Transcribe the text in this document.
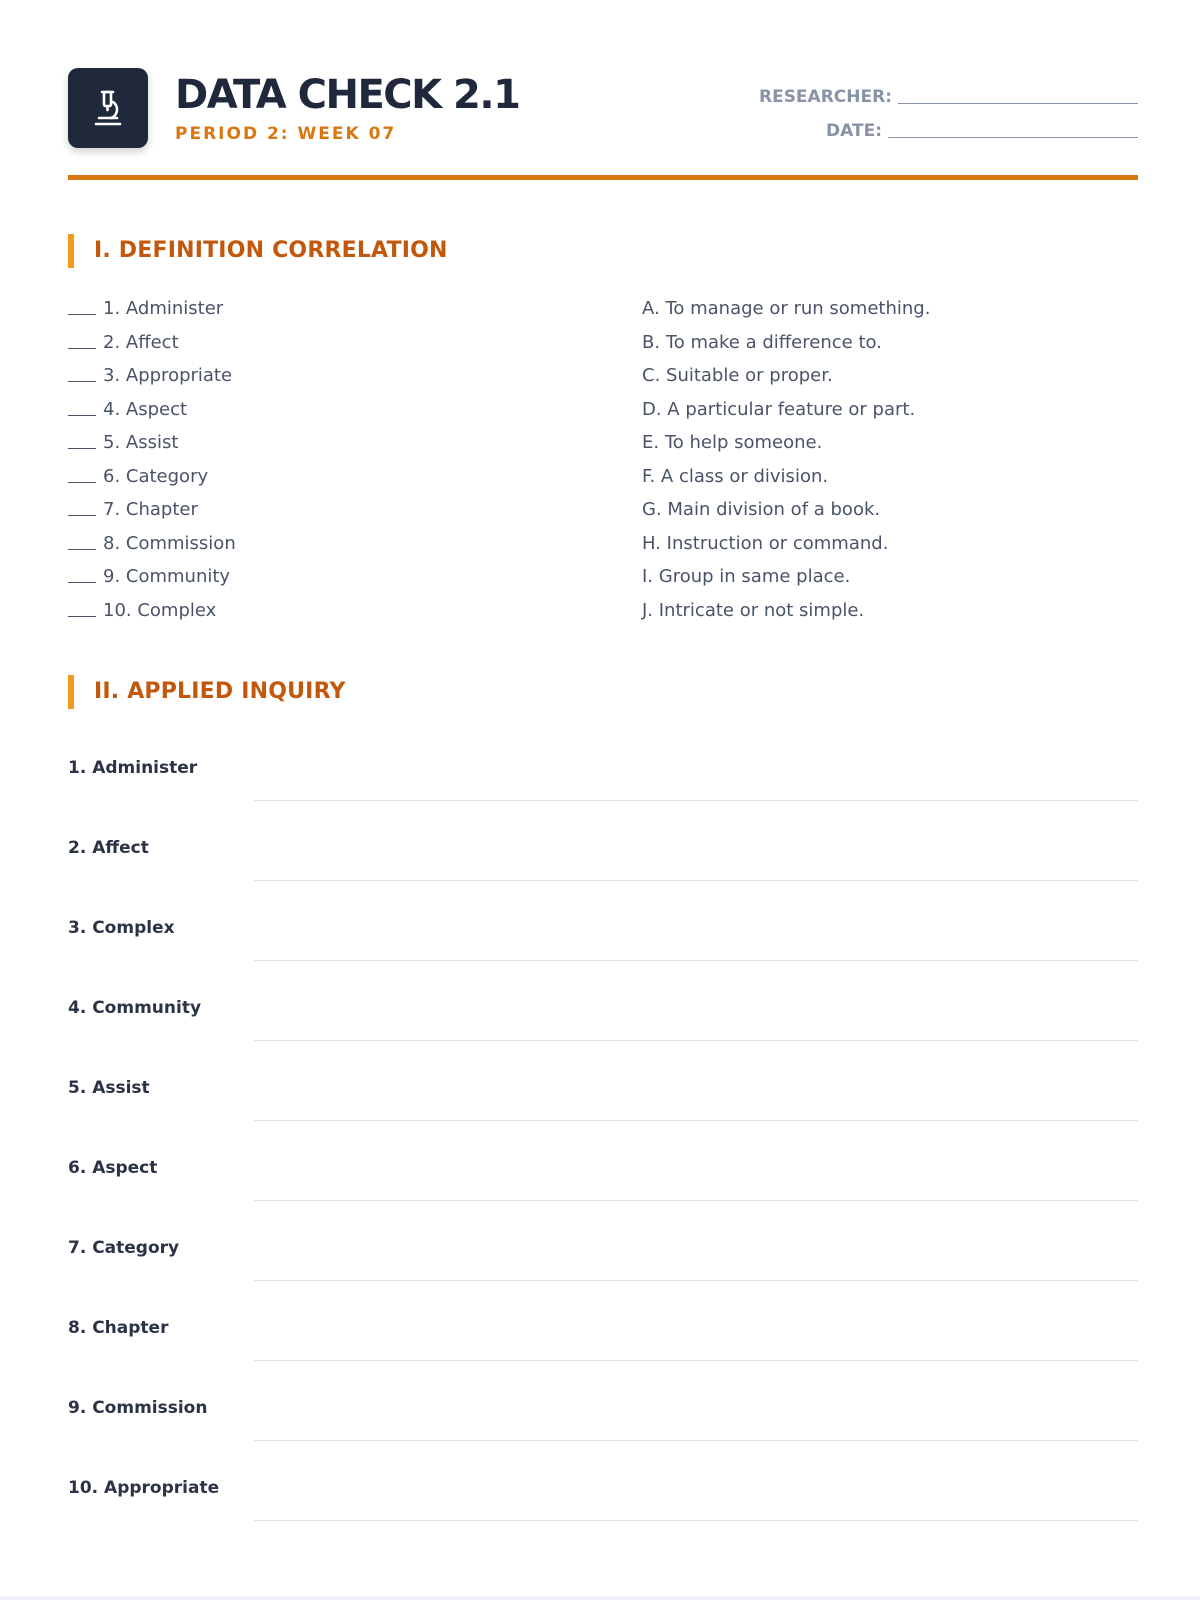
DATA CHECK 2.1
PERIOD 2: WEEK 07
RESEARCHER:
DATE:
I. DEFINITION CORRELATION
1. Administer
2. Affect
3. Appropriate
4. Aspect
5. Assist
6. Category
7. Chapter
8. Commission
9. Community
10. Complex
A. To manage or run something.
B. To make a difference to.
C. Suitable or proper.
D. A particular feature or part.
E. To help someone.
F. A class or division.
G. Main division of a book.
H. Instruction or command.
I. Group in same place.
J. Intricate or not simple.
II. APPLIED INQUIRY
1. Administer
2. Affect
3. Complex
4. Community
5. Assist
6. Aspect
7. Category
8. Chapter
9. Commission
10. Appropriate
